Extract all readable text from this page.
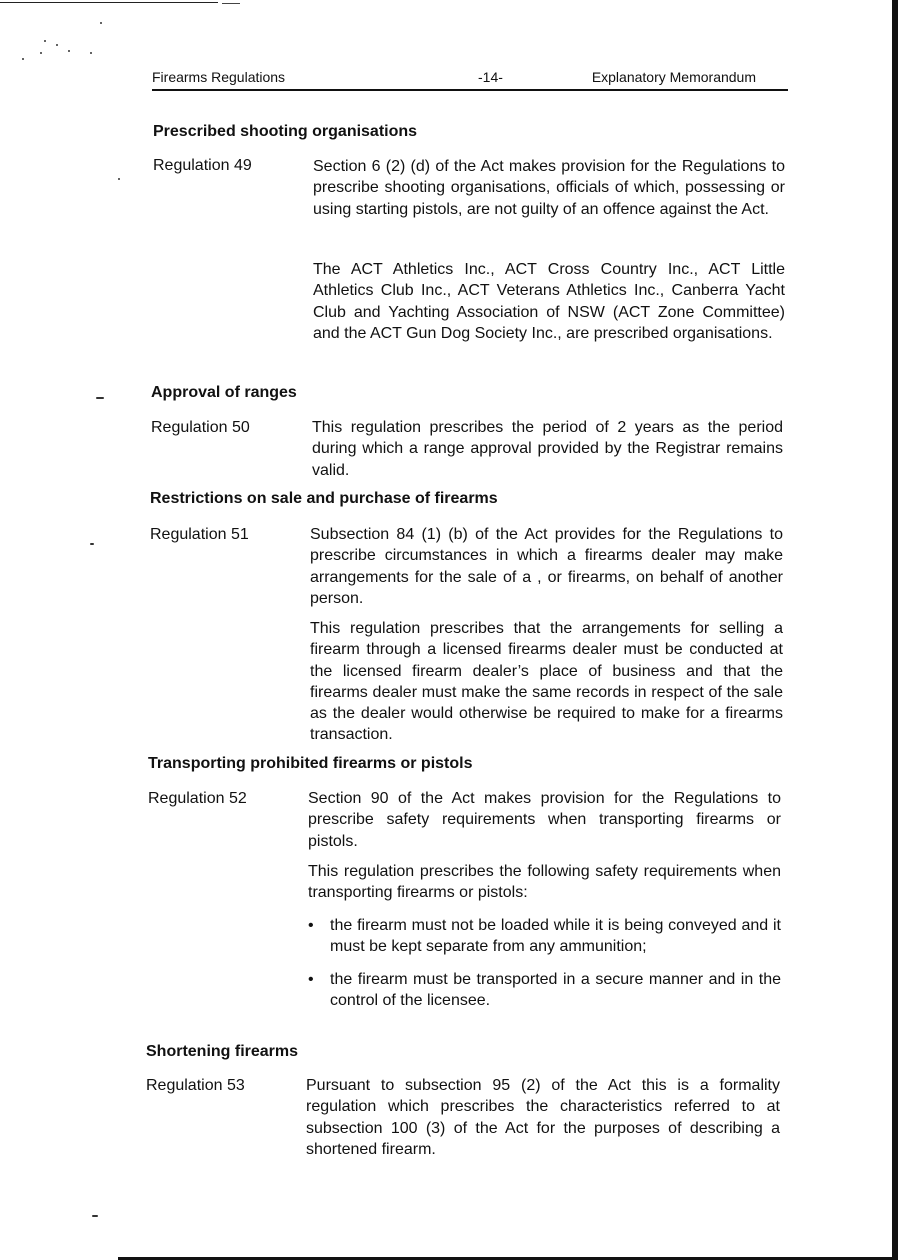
Firearms Regulations	-14-	Explanatory Memorandum
Prescribed shooting organisations
Regulation 49	Section 6 (2) (d) of the Act makes provision for the Regulations to prescribe shooting organisations, officials of which, possessing or using starting pistols, are not guilty of an offence against the Act.

The ACT Athletics Inc., ACT Cross Country Inc., ACT Little Athletics Club Inc., ACT Veterans Athletics Inc., Canberra Yacht Club and Yachting Association of NSW (ACT Zone Committee) and the ACT Gun Dog Society Inc., are prescribed organisations.

Approval of ranges
Regulation 50	This regulation prescribes the period of 2 years as the period during which a range approval provided by the Registrar remains valid.

Restrictions on sale and purchase of firearms
Regulation 51	Subsection 84 (1) (b) of the Act provides for the Regulations to prescribe circumstances in which a firearms dealer may make arrangements for the sale of a , or firearms, on behalf of another person.

This regulation prescribes that the arrangements for selling a firearm through a licensed firearms dealer must be conducted at the licensed firearm dealer’s place of business and that the firearms dealer must make the same records in respect of the sale as the dealer would otherwise be required to make for a firearms transaction.

Transporting prohibited firearms or pistols
Regulation 52	Section 90 of the Act makes provision for the Regulations to prescribe safety requirements when transporting firearms or pistols.

This regulation prescribes the following safety requirements when transporting firearms or pistols:

• the firearm must not be loaded while it is being conveyed and it must be kept separate from any ammunition;
• the firearm must be transported in a secure manner and in the control of the licensee.
Shortening firearms
Regulation 53	Pursuant to subsection 95 (2) of the Act this is a formality regulation which prescribes the characteristics referred to at subsection 100 (3) of the Act for the purposes of describing a shortened firearm.
